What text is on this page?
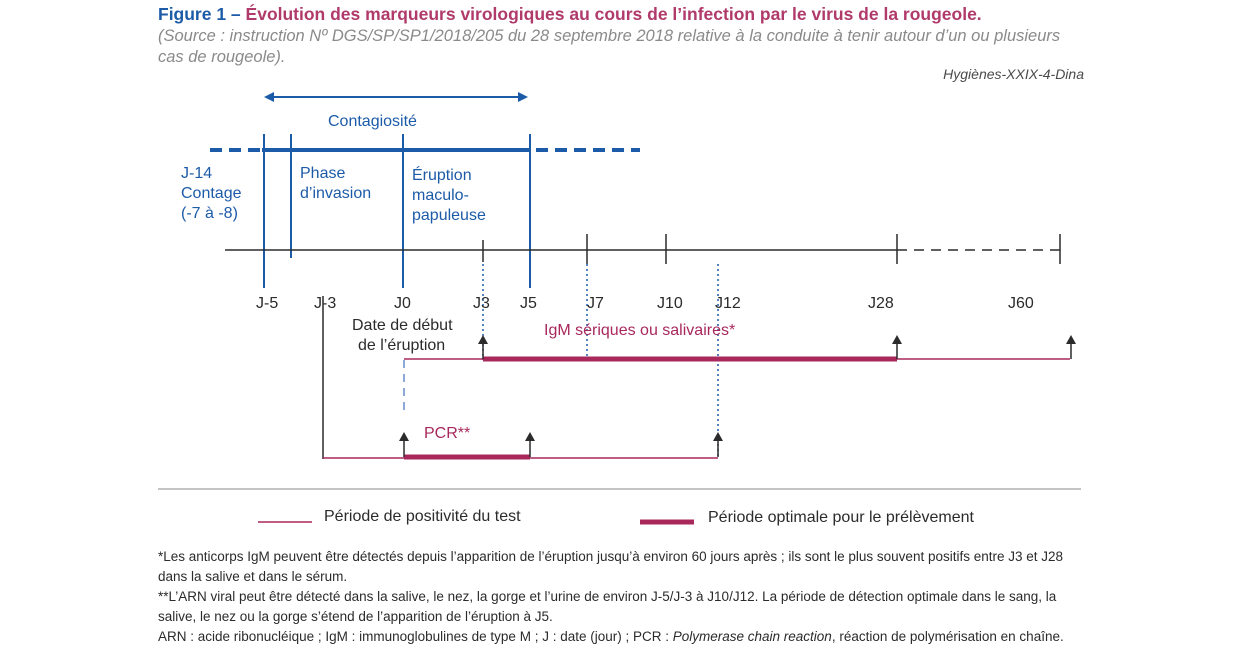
Figure 1 – Évolution des marqueurs virologiques au cours de l’infection par le virus de la rougeole.
(Source : instruction Nº DGS/SP/SP1/2018/205 du 28 septembre 2018 relative à la conduite à tenir autour d’un ou plusieurs cas de rougeole).
Hygiènes-XXIX-4-Dina
Contagiosité
J-14
Contage
(-7 à -8)
Phase
d’invasion
Éruption
maculo-
papuleuse
J-5 J-3	J0	J3 J5	J7	J10 J12	J28	J60
Date de début
de l’éruption
IgM sériques ou salivaires*
PCR**
Période de positivité du test	Période optimale pour le prélèvement

*Les anticorps IgM peuvent être détectés depuis l’apparition de l’éruption jusqu’à environ 60 jours après ; ils sont le plus souvent positifs entre J3 et J28 dans la salive et dans le sérum.

**L’ARN viral peut être détecté dans la salive, le nez, la gorge et l’urine de environ J-5/J-3 à J10/J12. La période de détection optimale dans le sang, la salive, le nez ou la gorge s’étend de l’apparition de l’éruption à J5.

ARN : acide ribonucléique ; IgM : immunoglobulines de type M ; J : date (jour) ; PCR : Polymerase chain reaction, réaction de polymérisation en chaîne.
